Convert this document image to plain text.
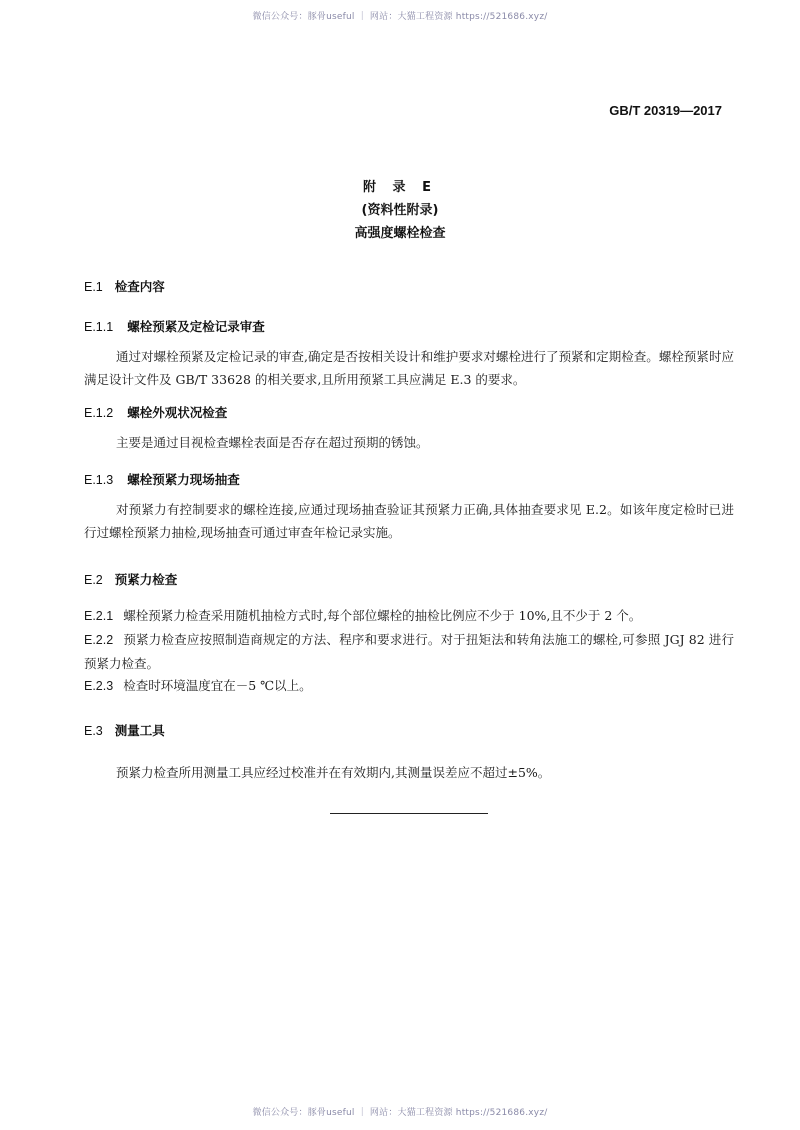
微信公众号：豚骨useful ｜ 网站：大猫工程资源 https://521686.xyz/
GB/T 20319—2017
附 录 E
(资料性附录)
高强度螺栓检查
E.1 检查内容
E.1.1 螺栓预紧及定检记录审查
通过对螺栓预紧及定检记录的审查,确定是否按相关设计和维护要求对螺栓进行了预紧和定期检查。螺栓预紧时应满足设计文件及 GB/T 33628 的相关要求,且所用预紧工具应满足 E.3 的要求。
E.1.2 螺栓外观状况检查
主要是通过目视检查螺栓表面是否存在超过预期的锈蚀。
E.1.3 螺栓预紧力现场抽查
对预紧力有控制要求的螺栓连接,应通过现场抽查验证其预紧力正确,具体抽查要求见 E.2。如该年度定检时已进行过螺栓预紧力抽检,现场抽查可通过审查年检记录实施。
E.2 预紧力检查
E.2.1 螺栓预紧力检查采用随机抽检方式时,每个部位螺栓的抽检比例应不少于 10%,且不少于 2 个。
E.2.2 预紧力检查应按照制造商规定的方法、程序和要求进行。对于扭矩法和转角法施工的螺栓,可参照 JGJ 82 进行预紧力检查。
E.2.3 检查时环境温度宜在－5 ℃以上。
E.3 测量工具
预紧力检查所用测量工具应经过校准并在有效期内,其测量误差应不超过±5%。
微信公众号：豚骨useful ｜ 网站：大猫工程资源 https://521686.xyz/
